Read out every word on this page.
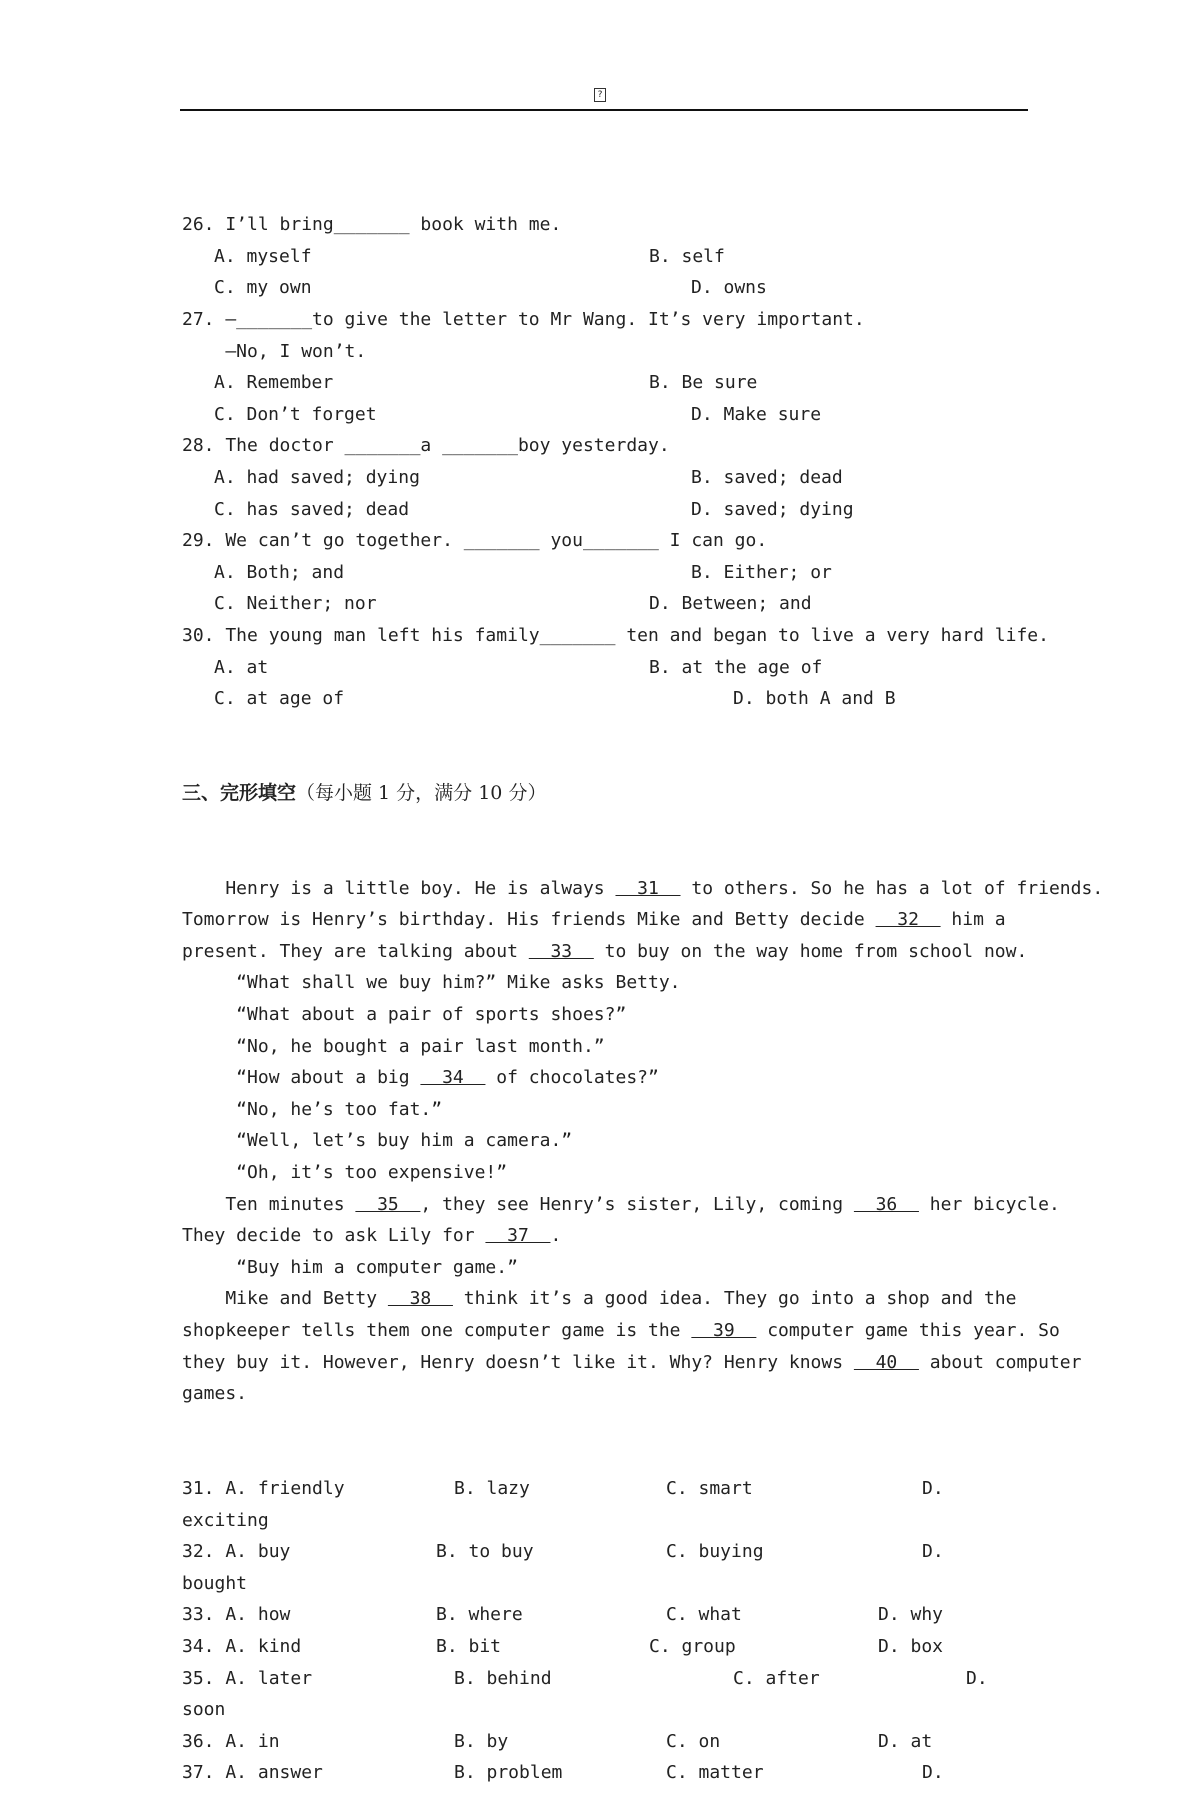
?

26. I’ll bring_______ book with me.
A. myself	B. self
C. my own	D. owns
27. —_______to give the letter to Mr Wang. It’s very important.
—No, I won’t.
A. Remember	B. Be sure
C. Don’t forget	D. Make sure
28. The doctor _______a _______boy yesterday.
A. had saved; dying	B. saved; dead
C. has saved; dead	D. saved; dying
29. We can’t go together. _______ you_______ I can go.
A. Both; and	B. Either; or
C. Neither; nor	D. Between; and
30. The young man left his family_______ ten and began to live a very hard life.
A. at	B. at the age of
C. at age of	D. both A and B

三、完形填空（每小题 1 分，满分 10 分）

Henry is a little boy. He is always   31   to others. So he has a lot of friends.
Tomorrow is Henry’s birthday. His friends Mike and Betty decide   32   him a
present. They are talking about   33   to buy on the way home from school now.
“What shall we buy him?” Mike asks Betty.
“What about a pair of sports shoes?”
“No, he bought a pair last month.”
“How about a big   34   of chocolates?”
“No, he’s too fat.”
“Well, let’s buy him a camera.”
“Oh, it’s too expensive!”
Ten minutes   35  , they see Henry’s sister, Lily, coming   36   her bicycle.
They decide to ask Lily for   37  .
“Buy him a computer game.”
Mike and Betty   38   think it’s a good idea. They go into a shop and the
shopkeeper tells them one computer game is the   39   computer game this year. So
they buy it. However, Henry doesn’t like it. Why? Henry knows   40   about computer
games.

31. A. friendly	B. lazy	C. smart	D.
exciting
32. A. buy	B. to buy	C. buying	D.
bought
33. A. how	B. where	C. what	D. why
34. A. kind	B. bit	C. group	D. box
35. A. later	B. behind	C. after	D.
soon
36. A. in	B. by	C. on	D. at
37. A. answer	B. problem	C. matter	D.
